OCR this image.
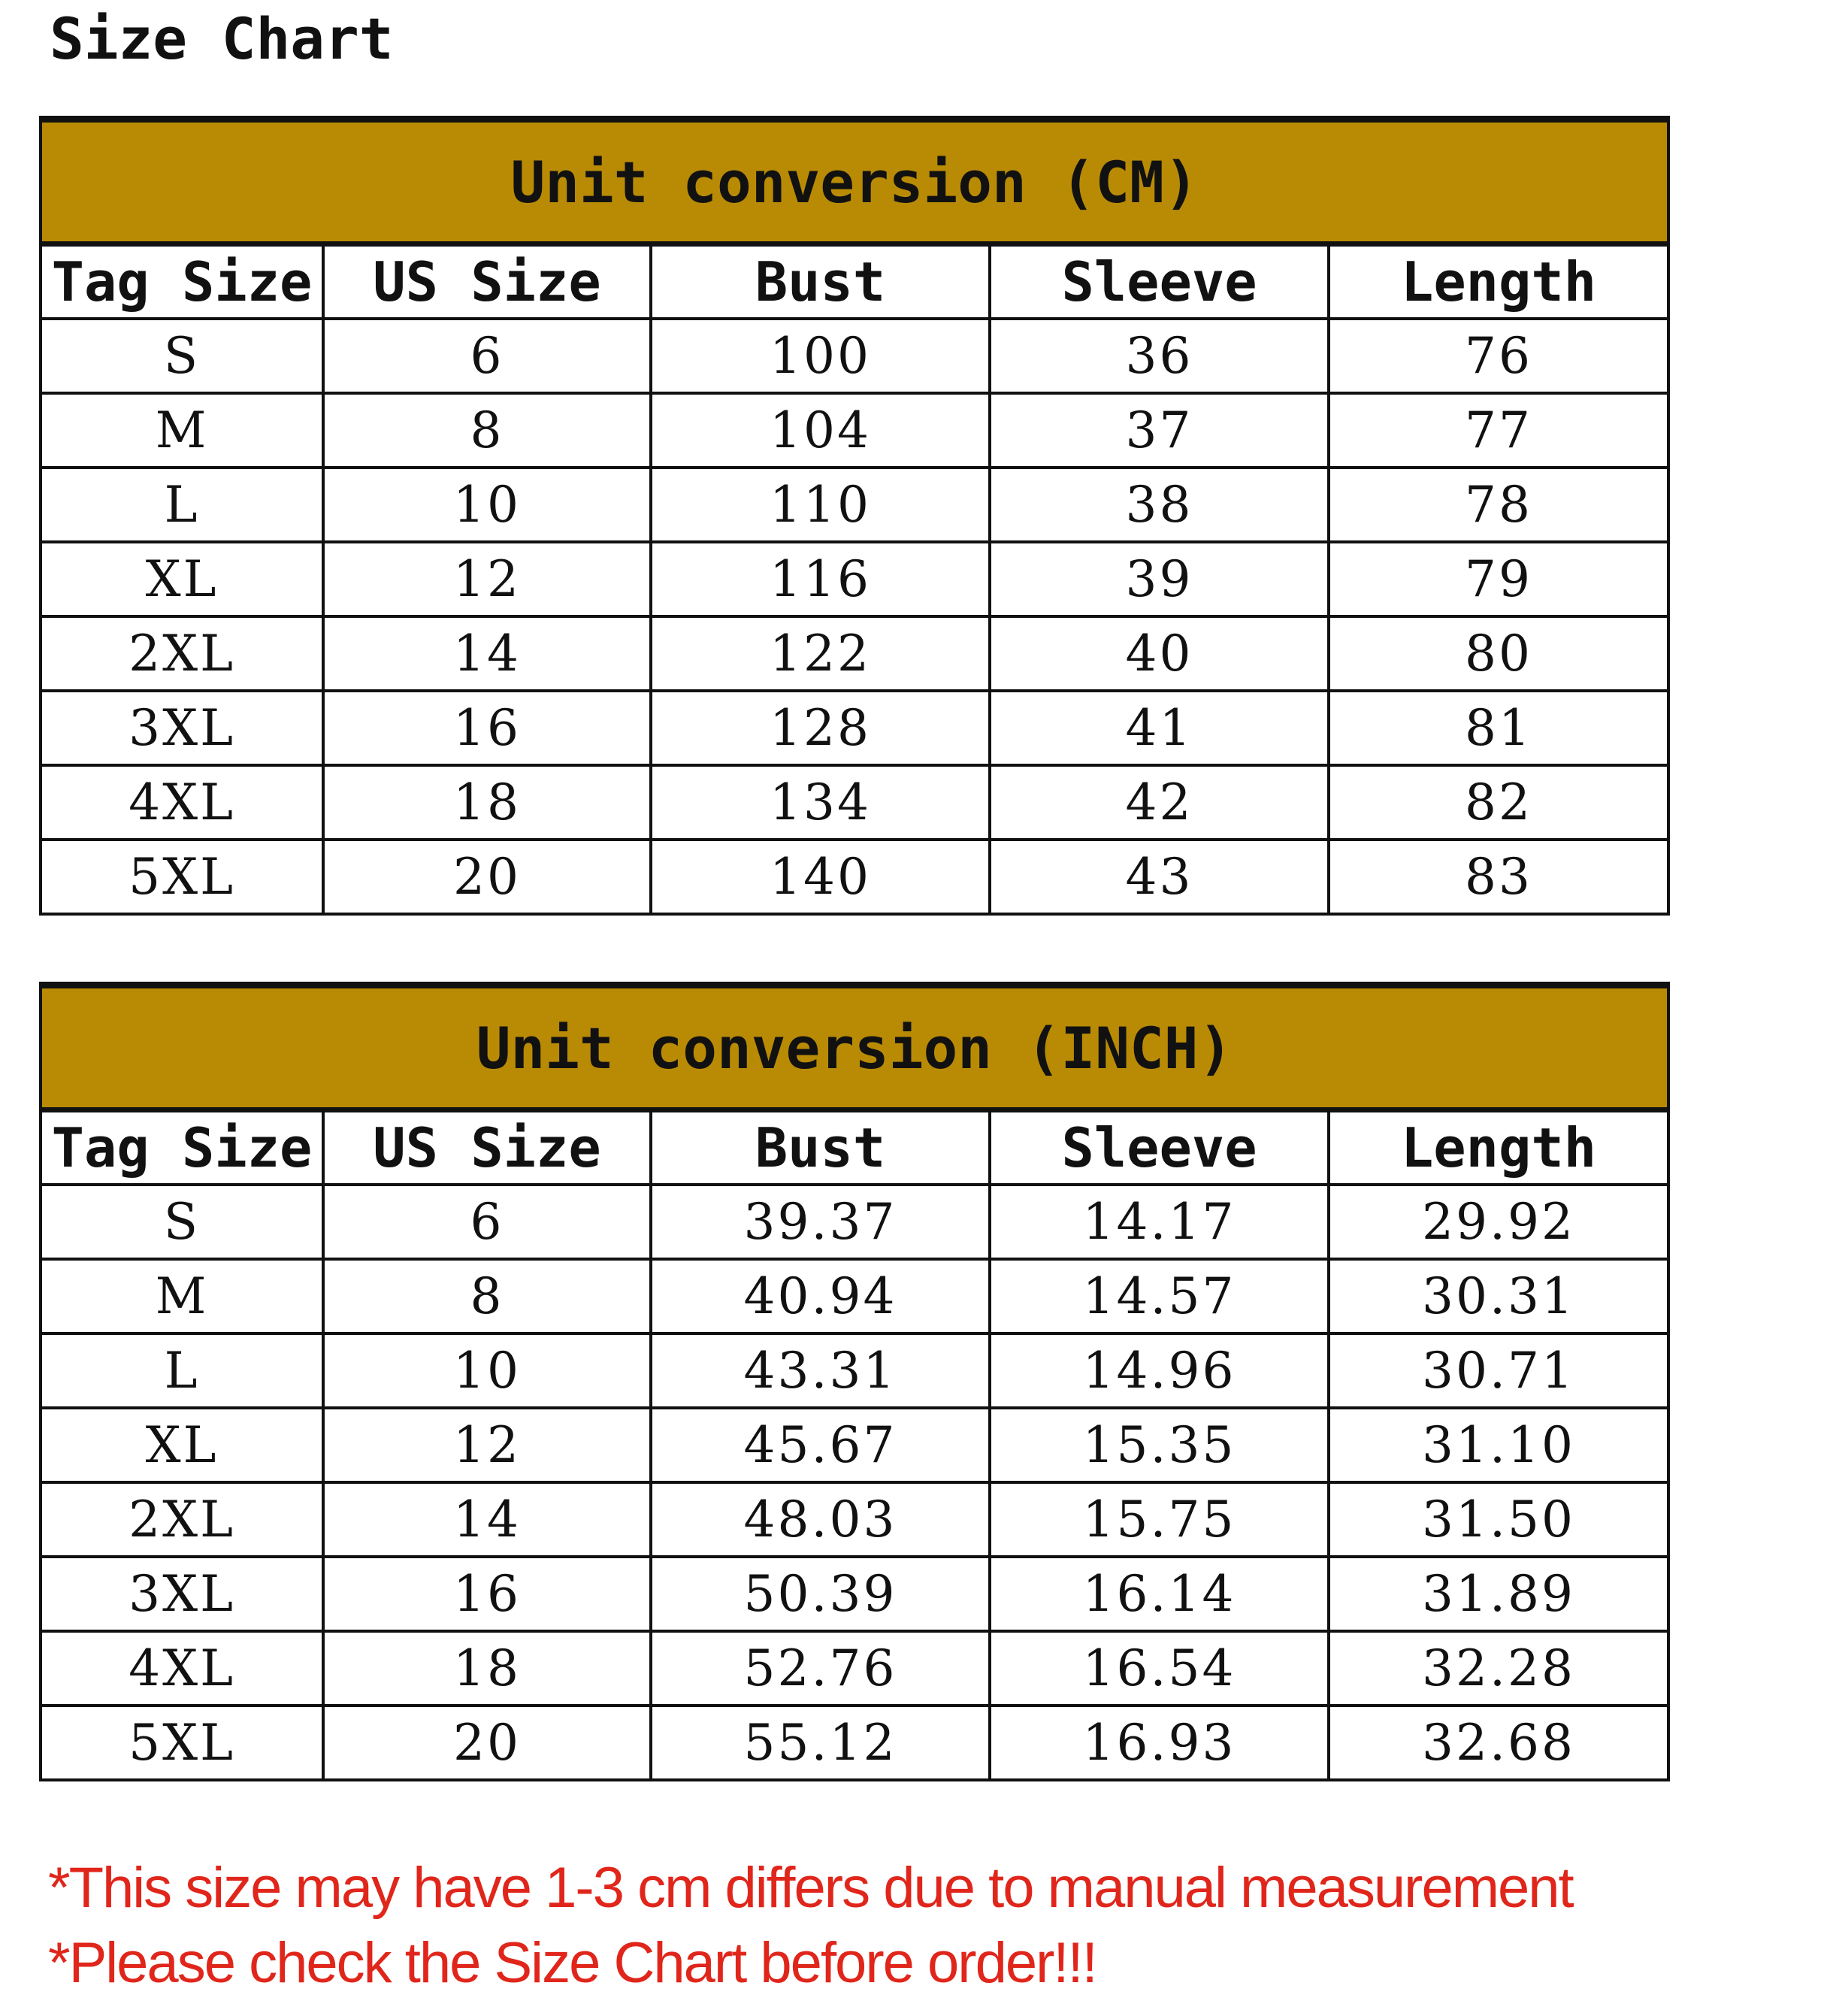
Size Chart
Unit conversion (CM)				
Tag Size	US Size	Bust	Sleeve	Length
S	6	100	36	76
M	8	104	37	77
L	10	110	38	78
XL	12	116	39	79
2XL	14	122	40	80
3XL	16	128	41	81
4XL	18	134	42	82
5XL	20	140	43	83
Unit conversion (INCH)				
Tag Size	US Size	Bust	Sleeve	Length
S	6	39.37	14.17	29.92
M	8	40.94	14.57	30.31
L	10	43.31	14.96	30.71
XL	12	45.67	15.35	31.10
2XL	14	48.03	15.75	31.50
3XL	16	50.39	16.14	31.89
4XL	18	52.76	16.54	32.28
5XL	20	55.12	16.93	32.68
*This size may have 1-3 cm differs due to manual measurement
*Please check the Size Chart before order!!!
